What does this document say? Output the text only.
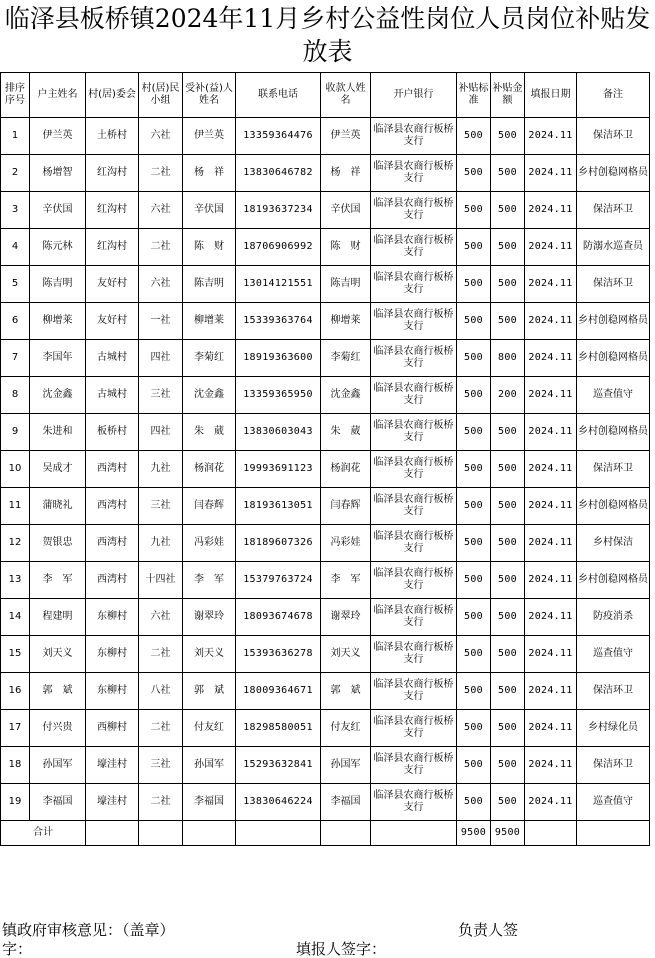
临泽县板桥镇2024年11月乡村公益性岗位人员岗位补贴发放表
排序序号	户主姓名	村(居)委会	村(居)民小组	受补(益)人姓名	联系电话	收款人姓名	开户银行	补贴标准	补贴金额	填报日期	备注
1	伊兰英	土桥村	六社	伊兰英	13359364476	伊兰英	临泽县农商行板桥支行	500	500	2024.11	保洁环卫
2	杨增智	红沟村	二社	杨　祥	13830646782	杨　祥	临泽县农商行板桥支行	500	500	2024.11	乡村创稳网格员
3	辛伏国	红沟村	六社	辛伏国	18193637234	辛伏国	临泽县农商行板桥支行	500	500	2024.11	保洁环卫
4	陈元林	红沟村	二社	陈　财	18706906992	陈　财	临泽县农商行板桥支行	500	500	2024.11	防溺水巡查员
5	陈吉明	友好村	六社	陈吉明	13014121551	陈吉明	临泽县农商行板桥支行	500	500	2024.11	保洁环卫
6	柳增莱	友好村	一社	柳增莱	15339363764	柳增莱	临泽县农商行板桥支行	500	500	2024.11	乡村创稳网格员
7	李国年	古城村	四社	李菊红	18919363600	李菊红	临泽县农商行板桥支行	500	800	2024.11	乡村创稳网格员
8	沈金鑫	古城村	三社	沈金鑫	13359365950	沈金鑫	临泽县农商行板桥支行	500	200	2024.11	巡查值守
9	朱进和	板桥村	四社	朱　葳	13830603043	朱　葳	临泽县农商行板桥支行	500	500	2024.11	乡村创稳网格员
10	吴成才	西湾村	九社	杨润花	19993691123	杨润花	临泽县农商行板桥支行	500	500	2024.11	保洁环卫
11	蒲晓礼	西湾村	三社	闫春辉	18193613051	闫春辉	临泽县农商行板桥支行	500	500	2024.11	乡村创稳网格员
12	贺银忠	西湾村	九社	冯彩娃	18189607326	冯彩娃	临泽县农商行板桥支行	500	500	2024.11	乡村保洁
13	李　军	西湾村	十四社	李　军	15379763724	李　军	临泽县农商行板桥支行	500	500	2024.11	乡村创稳网格员
14	程建明	东柳村	六社	谢翠玲	18093674678	谢翠玲	临泽县农商行板桥支行	500	500	2024.11	防疫消杀
15	刘天义	东柳村	二社	刘天义	15393636278	刘天义	临泽县农商行板桥支行	500	500	2024.11	巡查值守
16	郭　斌	东柳村	八社	郭　斌	18009364671	郭　斌	临泽县农商行板桥支行	500	500	2024.11	保洁环卫
17	付兴贵	西柳村	二社	付友红	18298580051	付友红	临泽县农商行板桥支行	500	500	2024.11	乡村绿化员
18	孙国军	壕洼村	三社	孙国军	15293632841	孙国军	临泽县农商行板桥支行	500	500	2024.11	保洁环卫
19	李福国	壕洼村	二社	李福国	13830646224	李福国	临泽县农商行板桥支行	500	500	2024.11	巡查值守
合计								9500	9500		
镇政府审核意见：（盖章）	负责人签
字：	填报人签字：
